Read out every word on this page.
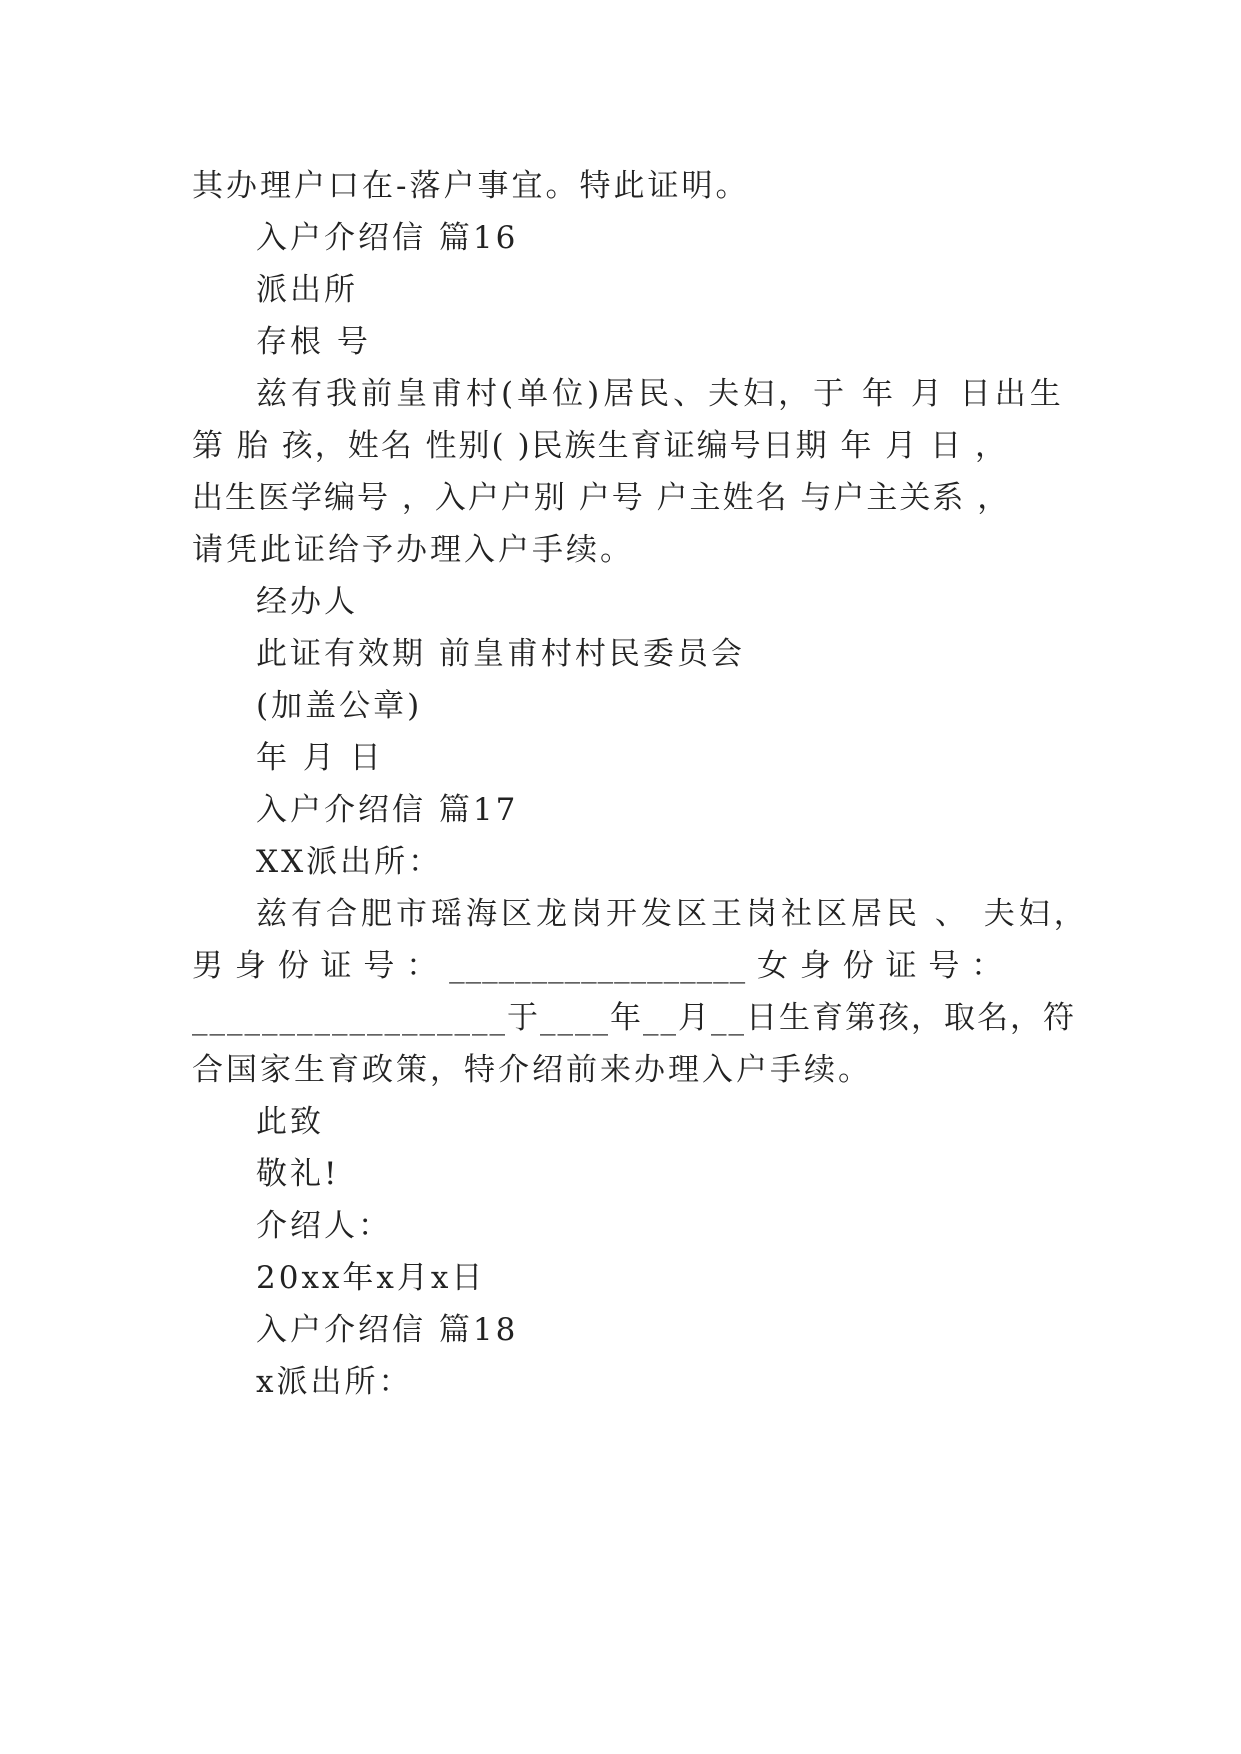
其办理户口在-落户事宜。特此证明。
入户介绍信 篇16
派出所
存根 号
兹有我前皇甫村(单位)居民、夫妇，于 年 月 日出生
第 胎 孩，姓名 性别( )民族生育证编号日期 年 月 日 ，
出生医学编号 ，入户户别 户号 户主姓名 与户主关系 ，
请凭此证给予办理入户手续。
经办人
此证有效期 前皇甫村村民委员会
(加盖公章)
年 月 日
入户介绍信 篇17
XX派出所：
兹有合肥市瑶海区龙岗开发区王岗社区居民 、 夫妇，
男 身 份 证 号 ： __________________ 女 身 份 证 号 ：
__________________于____年__月__日生育第孩，取名，符
合国家生育政策，特介绍前来办理入户手续。
此致
敬礼!
介绍人：
20xx年x月x日
入户介绍信 篇18
x派出所：
